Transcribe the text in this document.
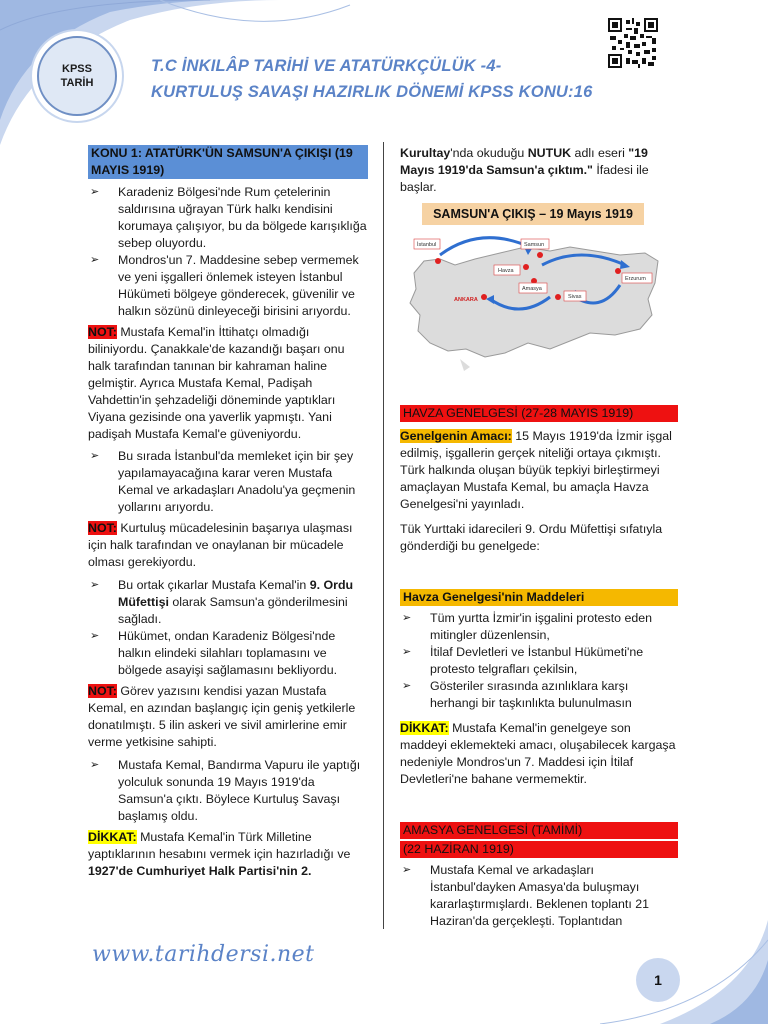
KPSS
TARİH
T.C İNKILÂP TARİHİ VE ATATÜRKÇÜLÜK -4-
KURTULUŞ SAVAŞI HAZIRLIK DÖNEMİ KPSS KONU:16

KONU 1: ATATÜRK'ÜN SAMSUN'A ÇIKIŞI (19 MAYIS 1919)

➢	Karadeniz Bölgesi'nde Rum çetelerinin saldırısına uğrayan Türk halkı kendisini korumaya çalışıyor, bu da bölgede karışıklığa sebep oluyordu.
➢	Mondros'un 7. Maddesine sebep vermemek ve yeni işgalleri önlemek isteyen İstanbul Hükümeti bölgeye gönderecek, güvenilir ve halkın sözünü dinleyeceği birisini arıyordu.

NOT: Mustafa Kemal'in İttihatçı olmadığı biliniyordu. Çanakkale'de kazandığı başarı onu halk tarafından tanınan bir kahraman haline gelmiştir. Ayrıca Mustafa Kemal, Padişah Vahdettin'in şehzadeliği döneminde yaptıkları Viyana gezisinde ona yaverlik yapmıştı. Yani padişah Mustafa Kemal'e güveniyordu.

➢	Bu sırada İstanbul'da memleket için bir şey yapılamayacağına karar veren Mustafa Kemal ve arkadaşları Anadolu'ya geçmenin yollarını arıyordu.

NOT: Kurtuluş mücadelesinin başarıya ulaşması için halk tarafından ve onaylanan bir mücadele olması gerekiyordu.

➢	Bu ortak çıkarlar Mustafa Kemal'in 9. Ordu Müfettişi olarak Samsun'a gönderilmesini sağladı.
➢	Hükümet, ondan Karadeniz Bölgesi'nde halkın elindeki silahları toplamasını ve bölgede asayişi sağlamasını bekliyordu.

NOT: Görev yazısını kendisi yazan Mustafa Kemal, en azından başlangıç için geniş yetkilerle donatılmıştı. 5 ilin askeri ve sivil amirlerine emir verme yetkisine sahipti.

➢	Mustafa Kemal, Bandırma Vapuru ile yaptığı yolculuk sonunda 19 Mayıs 1919'da Samsun'a çıktı. Böylece Kurtuluş Savaşı başlamış oldu.

DİKKAT: Mustafa Kemal'in Türk Milletine yaptıklarının hesabını vermek için hazırladığı ve 1927'de Cumhuriyet Halk Partisi'nin 2.

Kurultay'nda okuduğu NUTUK adlı eseri "19 Mayıs 1919'da Samsun'a çıktım." İfadesi ile başlar.

SAMSUN'A ÇIKIŞ – 19 Mayıs 1919
İstanbul	Samsun
Havza
Amasya
Erzurum
Sivas
ANKARA

HAVZA GENELGESİ (27-28 MAYIS 1919)

Genelgenin Amacı: 15 Mayıs 1919'da İzmir işgal edilmiş, işgallerin gerçek niteliği ortaya çıkmıştı. Türk halkında oluşan büyük tepkiyi birleştirmeyi amaçlayan Mustafa Kemal, bu amaçla Havza Genelgesi'ni yayınladı.

Tük Yurttaki idarecileri 9. Ordu Müfettişi sıfatıyla gönderdiği bu genelgede:

Havza Genelgesi'nin Maddeleri

➢	Tüm yurtta İzmir'in işgalini protesto eden mitingler düzenlensin,
➢	İtilaf Devletleri ve İstanbul Hükümeti'ne protesto telgrafları çekilsin,
➢	Gösteriler sırasında azınlıklara karşı herhangi bir taşkınlıkta bulunulmasın

DİKKAT: Mustafa Kemal'in genelgeye son maddeyi eklemekteki amacı, oluşabilecek kargaşa nedeniyle Mondros'un 7. Maddesi için İtilaf Devletleri'ne bahane vermemektir.

AMASYA GENELGESİ (TAMİMİ)

(22 HAZİRAN 1919)

➢	Mustafa Kemal ve arkadaşları İstanbul'dayken Amasya'da buluşmayı kararlaştırmışlardı. Beklenen toplantı 21 Haziran'da gerçekleşti. Toplantıdan
www.tarihdersi.net
1
